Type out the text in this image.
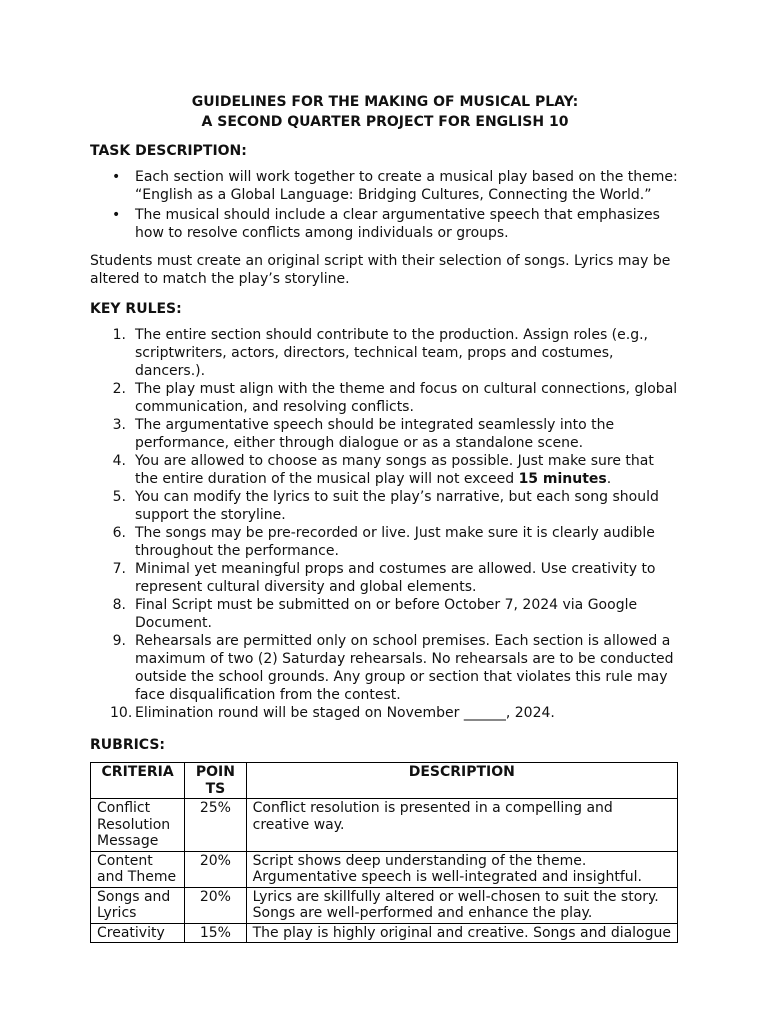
GUIDELINES FOR THE MAKING OF MUSICAL PLAY:

A SECOND QUARTER PROJECT FOR ENGLISH 10

TASK DESCRIPTION:
• Each section will work together to create a musical play based on the theme: “English as a Global Language: Bridging Cultures, Connecting the World.”
• The musical should include a clear argumentative speech that emphasizes how to resolve conflicts among individuals or groups.
Students must create an original script with their selection of songs. Lyrics may be altered to match the play’s storyline.
KEY RULES:
1. The entire section should contribute to the production. Assign roles (e.g., scriptwriters, actors, directors, technical team, props and costumes, dancers.).
2. The play must align with the theme and focus on cultural connections, global communication, and resolving conflicts.
3. The argumentative speech should be integrated seamlessly into the performance, either through dialogue or as a standalone scene.
4. You are allowed to choose as many songs as possible. Just make sure that the entire duration of the musical play will not exceed 15 minutes.
5. You can modify the lyrics to suit the play’s narrative, but each song should support the storyline.
6. The songs may be pre-recorded or live. Just make sure it is clearly audible throughout the performance.
7. Minimal yet meaningful props and costumes are allowed. Use creativity to represent cultural diversity and global elements.
8. Final Script must be submitted on or before October 7, 2024 via Google Document.
9. Rehearsals are permitted only on school premises. Each section is allowed a maximum of two (2) Saturday rehearsals. No rehearsals are to be conducted outside the school grounds. Any group or section that violates this rule may face disqualification from the contest.
10. Elimination round will be staged on November ______, 2024.
RUBRICS:
CRITERIA	POINTS	DESCRIPTION
Conflict Resolution Message	25%	Conflict resolution is presented in a compelling and creative way.
Content and Theme	20%	Script shows deep understanding of the theme. Argumentative speech is well-integrated and insightful.
Songs and Lyrics	20%	Lyrics are skillfully altered or well-chosen to suit the story. Songs are well-performed and enhance the play.
Creativity	15%	The play is highly original and creative. Songs and dialogue
